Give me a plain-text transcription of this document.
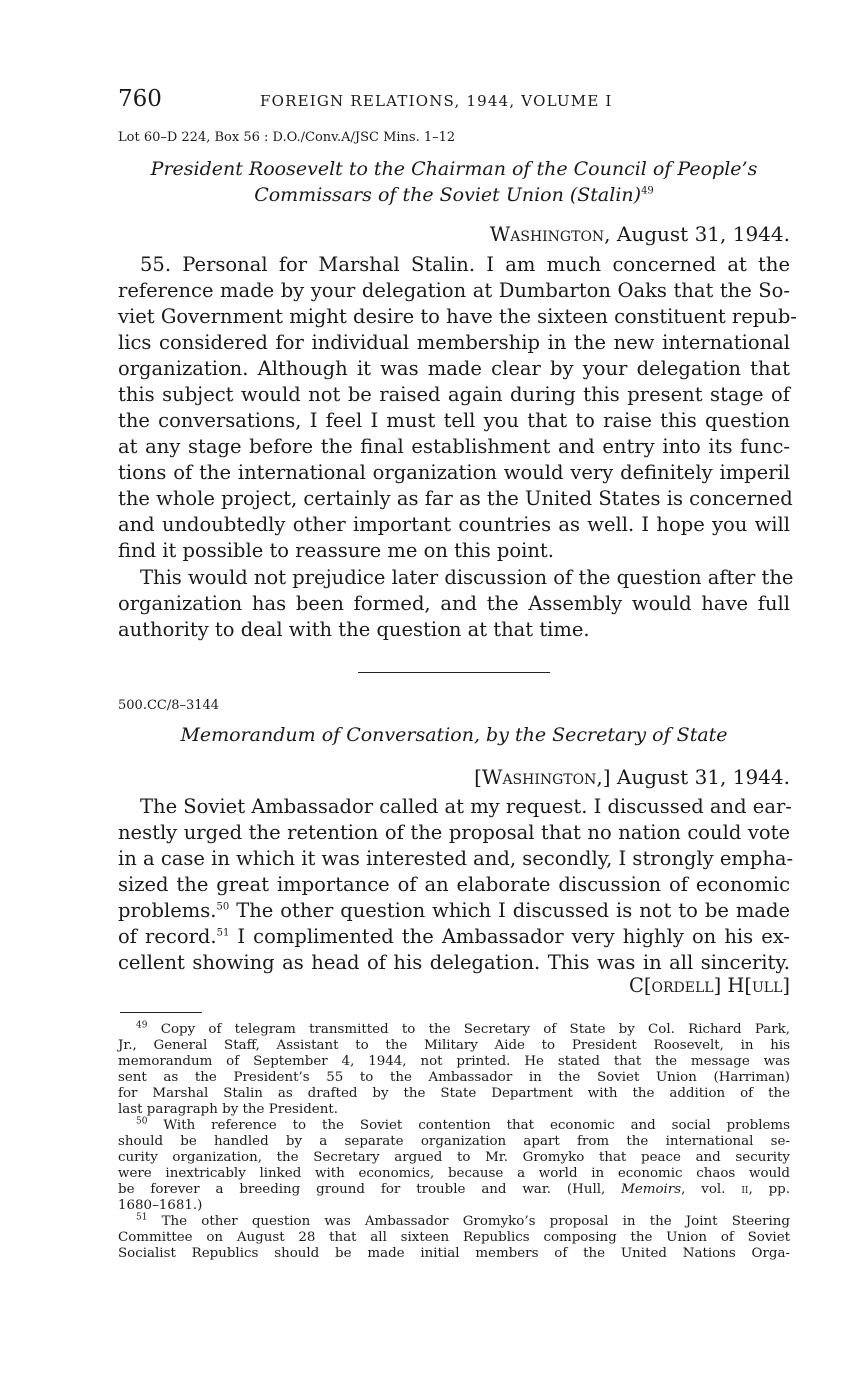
760	FOREIGN RELATIONS, 1944, VOLUME I
Lot 60–D 224, Box 56 : D.O./Conv.A/JSC Mins. 1–12
President Roosevelt to the Chairman of the Council of People’s
Commissars of the Soviet Union (Stalin)$^{49}$
Washington, August 31, 1944.
55. Personal for Marshal Stalin. I am much concerned at the
reference made by your delegation at Dumbarton Oaks that the So-
viet Government might desire to have the sixteen constituent repub-
lics considered for individual membership in the new international
organization. Although it was made clear by your delegation that
this subject would not be raised again during this present stage of
the conversations, I feel I must tell you that to raise this question
at any stage before the final establishment and entry into its func-
tions of the international organization would very definitely imperil
the whole project, certainly as far as the United States is concerned
and undoubtedly other important countries as well. I hope you will
find it possible to reassure me on this point.
This would not prejudice later discussion of the question after the
organization has been formed, and the Assembly would have full
authority to deal with the question at that time.
500.CC/8–3144
Memorandum of Conversation, by the Secretary of State
[Washington,] August 31, 1944.
The Soviet Ambassador called at my request. I discussed and ear-
nestly urged the retention of the proposal that no nation could vote
in a case in which it was interested and, secondly, I strongly empha-
sized the great importance of an elaborate discussion of economic
problems.$^{50}$ The other question which I discussed is not to be made
of record.$^{51}$ I complimented the Ambassador very highly on his ex-
cellent showing as head of his delegation. This was in all sincerity.
C[ordell] H[ull]
$^{49}$ Copy of telegram transmitted to the Secretary of State by Col. Richard Park,
Jr., General Staff, Assistant to the Military Aide to President Roosevelt, in his
memorandum of September 4, 1944, not printed. He stated that the message was
sent as the President’s 55 to the Ambassador in the Soviet Union (Harriman)
for Marshal Stalin as drafted by the State Department with the addition of the
last paragraph by the President.
$^{50}$ With reference to the Soviet contention that economic and social problems
should be handled by a separate organization apart from the international se-
curity organization, the Secretary argued to Mr. Gromyko that peace and security
were inextricably linked with economics, because a world in economic chaos would
be forever a breeding ground for trouble and war. (Hull, Memoirs, vol. ii, pp.
1680–1681.)
$^{51}$ The other question was Ambassador Gromyko’s proposal in the Joint Steering
Committee on August 28 that all sixteen Republics composing the Union of Soviet
Socialist Republics should be made initial members of the United Nations Orga-
